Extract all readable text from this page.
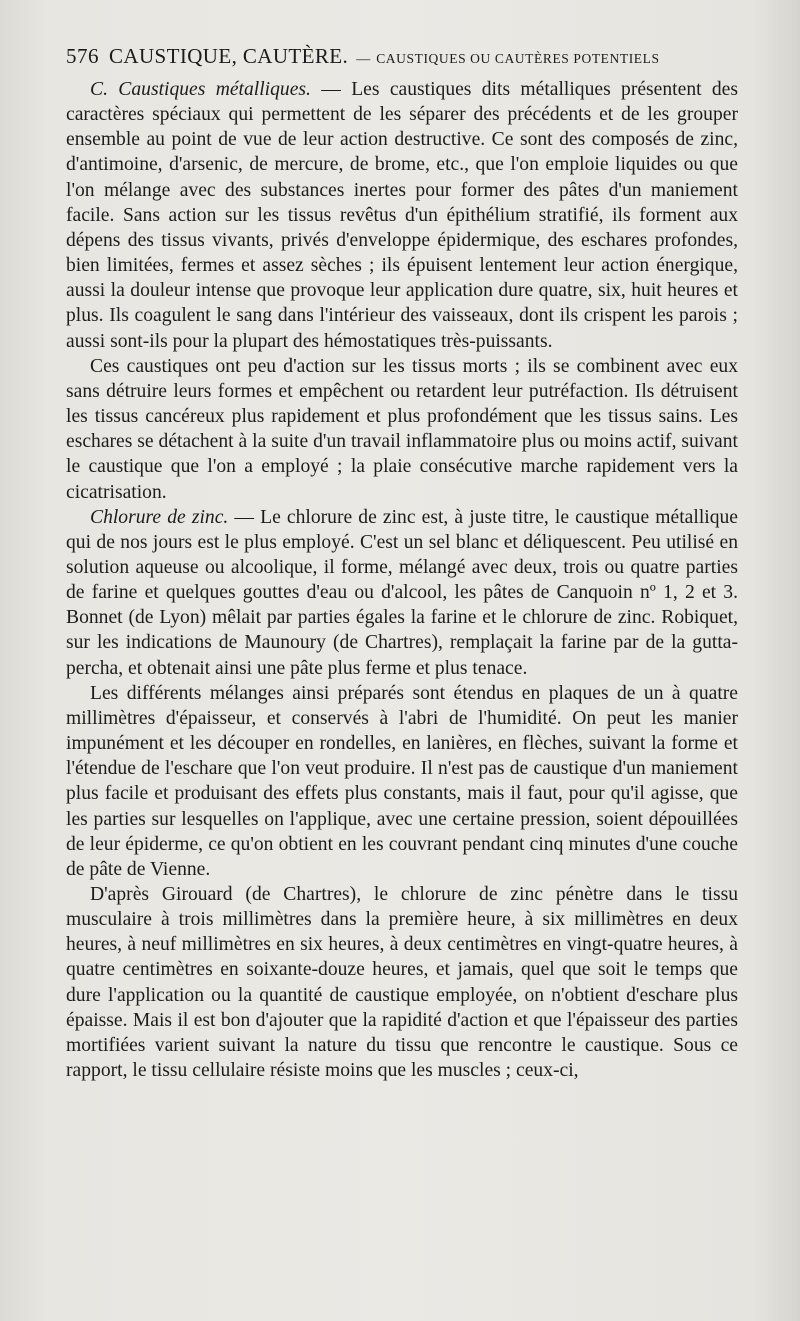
576 CAUSTIQUE, CAUTÈRE. — CAUSTIQUES OU CAUTÈRES POTENTIELS

C. Caustiques métalliques. — Les caustiques dits métalliques présentent des caractères spéciaux qui permettent de les séparer des précédents et de les grouper ensemble au point de vue de leur action destructive. Ce sont des composés de zinc, d'antimoine, d'arsenic, de mercure, de brome, etc., que l'on emploie liquides ou que l'on mélange avec des substances inertes pour former des pâtes d'un maniement facile. Sans action sur les tissus revêtus d'un épithélium stratifié, ils forment aux dépens des tissus vivants, privés d'enveloppe épidermique, des eschares profondes, bien limitées, fermes et assez sèches ; ils épuisent lentement leur action énergique, aussi la douleur intense que provoque leur application dure quatre, six, huit heures et plus. Ils coagulent le sang dans l'intérieur des vaisseaux, dont ils crispent les parois ; aussi sont-ils pour la plupart des hémostatiques très-puissants.

Ces caustiques ont peu d'action sur les tissus morts ; ils se combinent avec eux sans détruire leurs formes et empêchent ou retardent leur putréfaction. Ils détruisent les tissus cancéreux plus rapidement et plus profondément que les tissus sains. Les eschares se détachent à la suite d'un travail inflammatoire plus ou moins actif, suivant le caustique que l'on a employé ; la plaie consécutive marche rapidement vers la cicatrisation.

Chlorure de zinc. — Le chlorure de zinc est, à juste titre, le caustique métallique qui de nos jours est le plus employé. C'est un sel blanc et déliquescent. Peu utilisé en solution aqueuse ou alcoolique, il forme, mélangé avec deux, trois ou quatre parties de farine et quelques gouttes d'eau ou d'alcool, les pâtes de Canquoin nº 1, 2 et 3. Bonnet (de Lyon) mêlait par parties égales la farine et le chlorure de zinc. Robiquet, sur les indications de Maunoury (de Chartres), remplaçait la farine par de la gutta-percha, et obtenait ainsi une pâte plus ferme et plus tenace.

Les différents mélanges ainsi préparés sont étendus en plaques de un à quatre millimètres d'épaisseur, et conservés à l'abri de l'humidité. On peut les manier impunément et les découper en rondelles, en lanières, en flèches, suivant la forme et l'étendue de l'eschare que l'on veut produire. Il n'est pas de caustique d'un maniement plus facile et produisant des effets plus constants, mais il faut, pour qu'il agisse, que les parties sur lesquelles on l'applique, avec une certaine pression, soient dépouillées de leur épiderme, ce qu'on obtient en les couvrant pendant cinq minutes d'une couche de pâte de Vienne.

D'après Girouard (de Chartres), le chlorure de zinc pénètre dans le tissu musculaire à trois millimètres dans la première heure, à six millimètres en deux heures, à neuf millimètres en six heures, à deux centimètres en vingt-quatre heures, à quatre centimètres en soixante-douze heures, et jamais, quel que soit le temps que dure l'application ou la quantité de caustique employée, on n'obtient d'eschare plus épaisse. Mais il est bon d'ajouter que la rapidité d'action et que l'épaisseur des parties mortifiées varient suivant la nature du tissu que rencontre le caustique. Sous ce rapport, le tissu cellulaire résiste moins que les muscles ; ceux-ci,
